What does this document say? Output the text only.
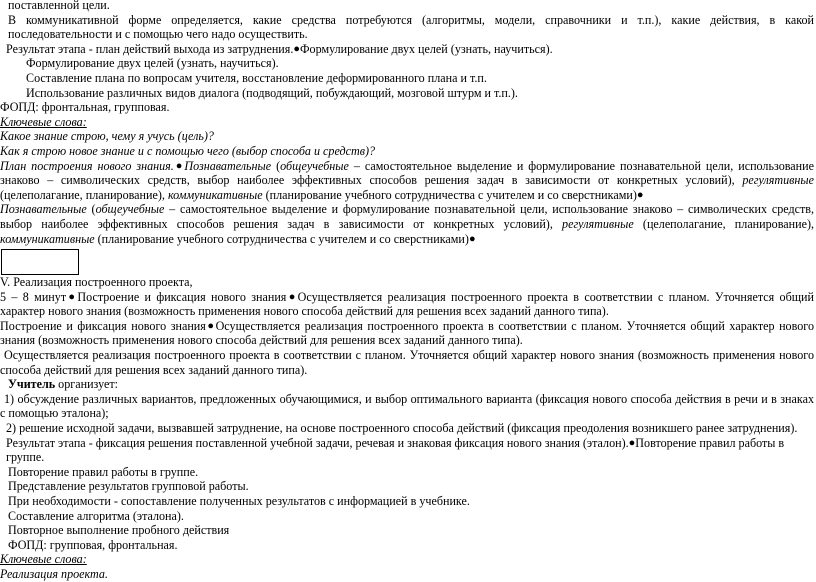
поставленной цели.

В коммуникативной форме определяется, какие средства потребуются (алгоритмы, модели, справочники и т.п.), какие действия, в какой последовательности и с помощью чего надо осуществить.

Результат этапа - план действий выхода из затруднения.●Формулирование двух целей (узнать, научиться).

Формулирование двух целей (узнать, научиться).

Составление плана по вопросам учителя, восстановление деформированного плана и т.п.

Использование различных видов диалога (подводящий, побуждающий, мозговой штурм и т.п.).

ФОПД: фронтальная, групповая.

Ключевые слова:

Какое знание строю, чему я учусь (цель)?

Как я строю новое знание и с помощью чего (выбор способа и средств)?

План построения нового знания.●Познавательные (общеучебные – самостоятельное выделение и формулирование познавательной цели, использование знаково – символических средств, выбор наиболее эффективных способов решения задач в зависимости от конкретных условий), регулятивные (целеполагание, планирование), коммуникативные (планирование учебного сотрудничества с учителем и со сверстниками)●

Познавательные (общеучебные – самостоятельное выделение и формулирование познавательной цели, использование знаково – символических средств, выбор наиболее эффективных способов решения задач в зависимости от конкретных условий), регулятивные (целеполагание, планирование), коммуникативные (планирование учебного сотрудничества с учителем и со сверстниками)●

V. Реализация построенного проекта,

5 – 8 минут●Построение и фиксация нового знания●Осуществляется реализация построенного проекта в соответствии с планом. Уточняется общий характер нового знания (возможность применения нового способа действий для решения всех заданий данного типа).

Построение и фиксация нового знания●Осуществляется реализация построенного проекта в соответствии с планом. Уточняется общий характер нового знания (возможность применения нового способа действий для решения всех заданий данного типа).

Осуществляется реализация построенного проекта в соответствии с планом. Уточняется общий характер нового знания (возможность применения нового способа действий для решения всех заданий данного типа).

Учитель организует:

1) обсуждение различных вариантов, предложенных обучающимися, и выбор оптимального варианта (фиксация нового способа действия в речи и в знаках с помощью эталона);

2) решение исходной задачи, вызвавшей затруднение, на основе построенного способа действий (фиксация преодоления возникшего ранее затруднения).

Результат этапа - фиксация решения поставленной учебной задачи, речевая и знаковая фиксация нового знания (эталон).●Повторение правил работы в группе.

Повторение правил работы в группе.

Представление результатов групповой работы.

При необходимости - сопоставление полученных результатов с информацией в учебнике.

Составление алгоритма (эталона).

Повторное выполнение пробного действия

ФОПД: групповая, фронтальная.

Ключевые слова:

Реализация проекта.
